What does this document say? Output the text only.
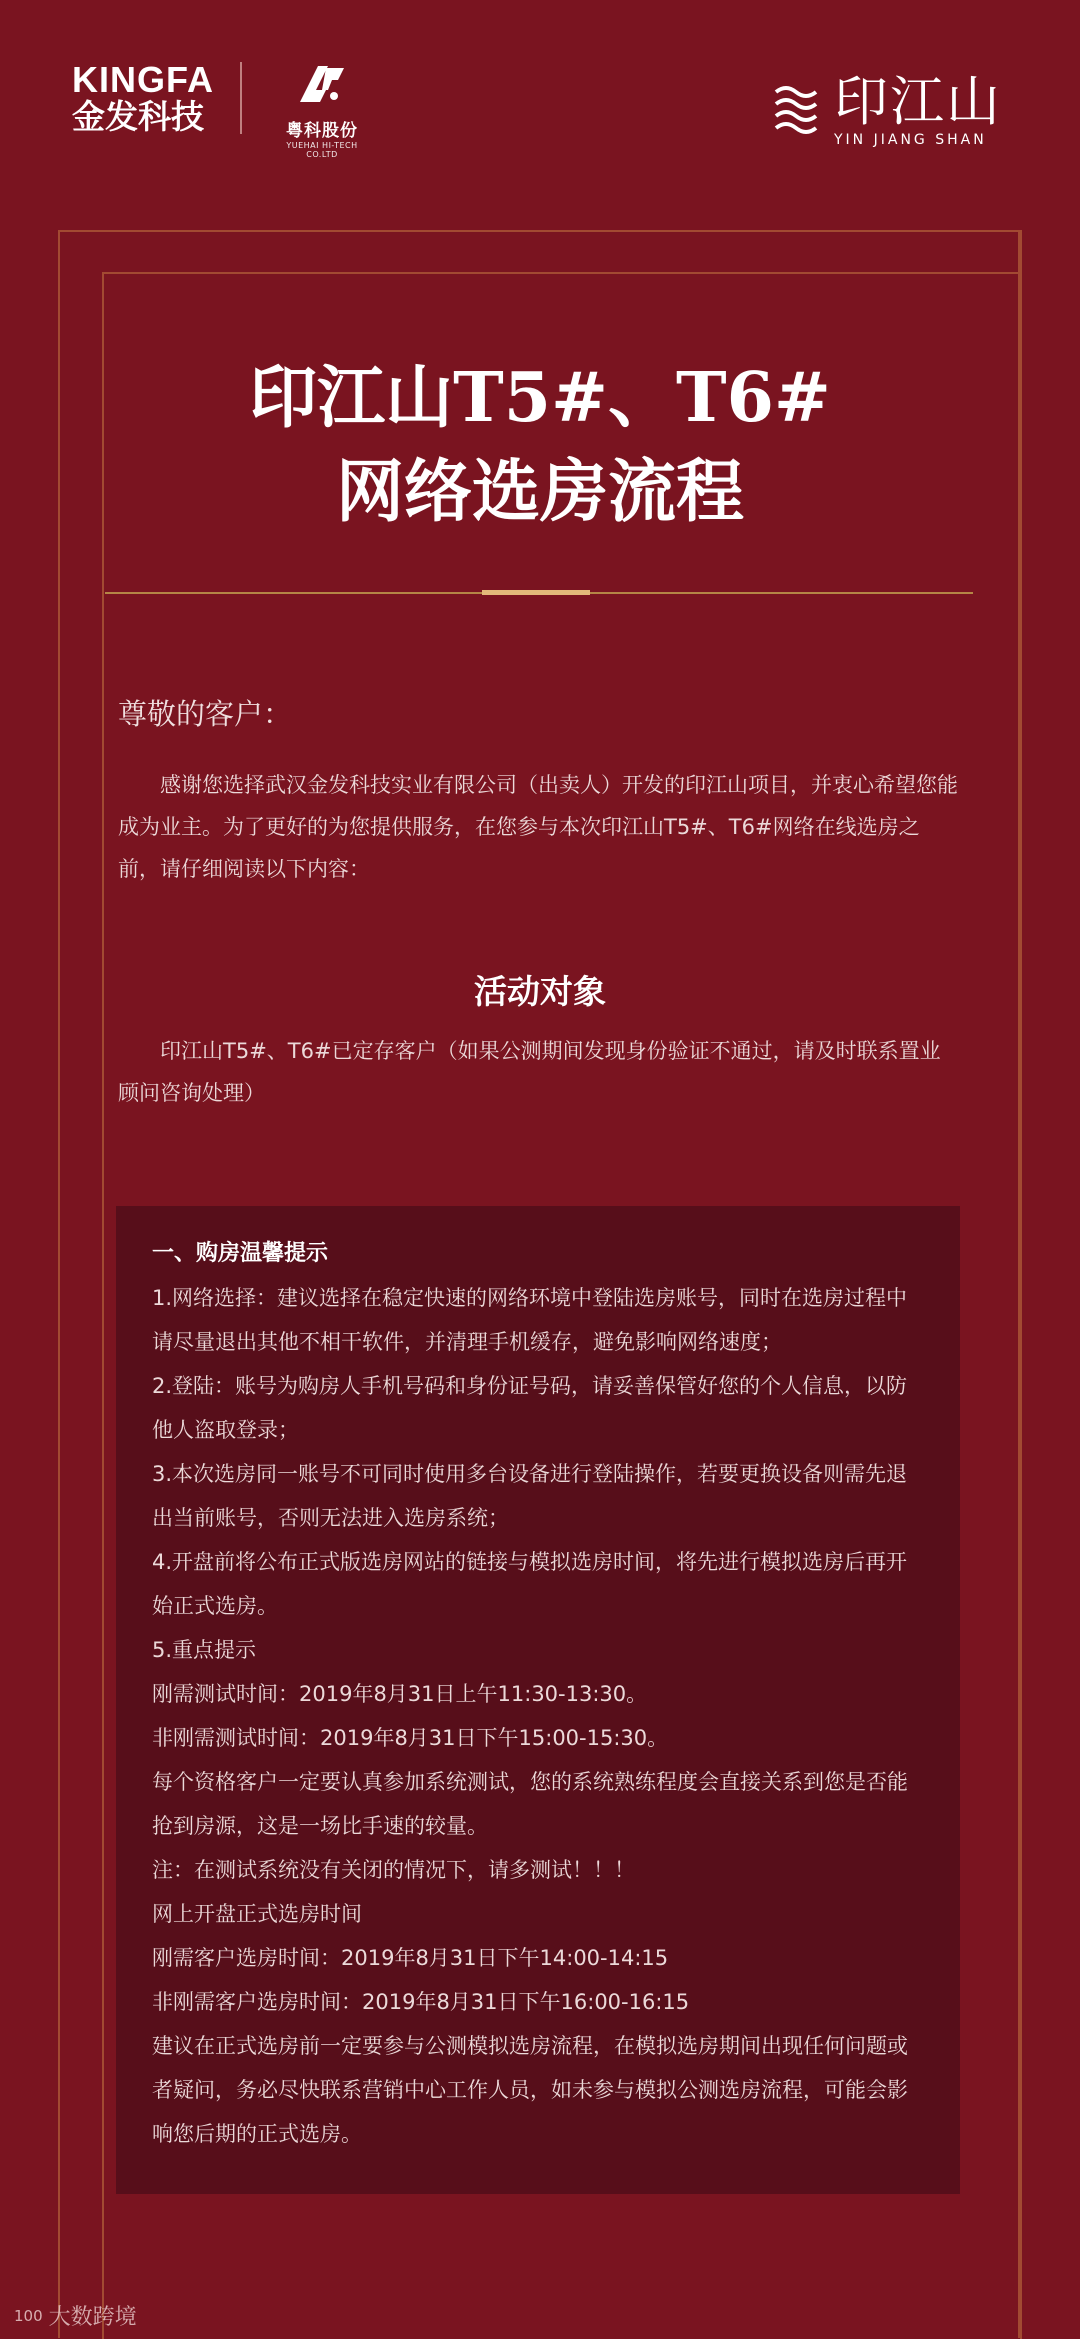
KINGFA
金发科技	粤科股份
YUEHAI HI-TECH CO.LTD
印江山
YIN JIANG SHAN
印江山T5#、T6#
网络选房流程
尊敬的客户：
感谢您选择武汉金发科技实业有限公司（出卖人）开发的印江山项目，并衷心希望您能成为业主。为了更好的为您提供服务，在您参与本次印江山T5#、T6#网络在线选房之前，请仔细阅读以下内容：
活动对象
印江山T5#、T6#已定存客户（如果公测期间发现身份验证不通过，请及时联系置业顾问咨询处理）
一、购房温馨提示
1.网络选择：建议选择在稳定快速的网络环境中登陆选房账号，同时在选房过程中
请尽量退出其他不相干软件，并清理手机缓存，避免影响网络速度；
2.登陆：账号为购房人手机号码和身份证号码，请妥善保管好您的个人信息，以防
他人盗取登录；
3.本次选房同一账号不可同时使用多台设备进行登陆操作，若要更换设备则需先退
出当前账号，否则无法进入选房系统；
4.开盘前将公布正式版选房网站的链接与模拟选房时间，将先进行模拟选房后再开
始正式选房。
5.重点提示
刚需测试时间：2019年8月31日上午11:30-13:30。
非刚需测试时间：2019年8月31日下午15:00-15:30。
每个资格客户一定要认真参加系统测试，您的系统熟练程度会直接关系到您是否能
抢到房源，这是一场比手速的较量。
注：在测试系统没有关闭的情况下，请多测试！！！
网上开盘正式选房时间
刚需客户选房时间：2019年8月31日下午14:00-14:15
非刚需客户选房时间：2019年8月31日下午16:00-16:15
建议在正式选房前一定要参与公测模拟选房流程，在模拟选房期间出现任何问题或
者疑问，务必尽快联系营销中心工作人员，如未参与模拟公测选房流程，可能会影
响您后期的正式选房。
100 大数跨境
